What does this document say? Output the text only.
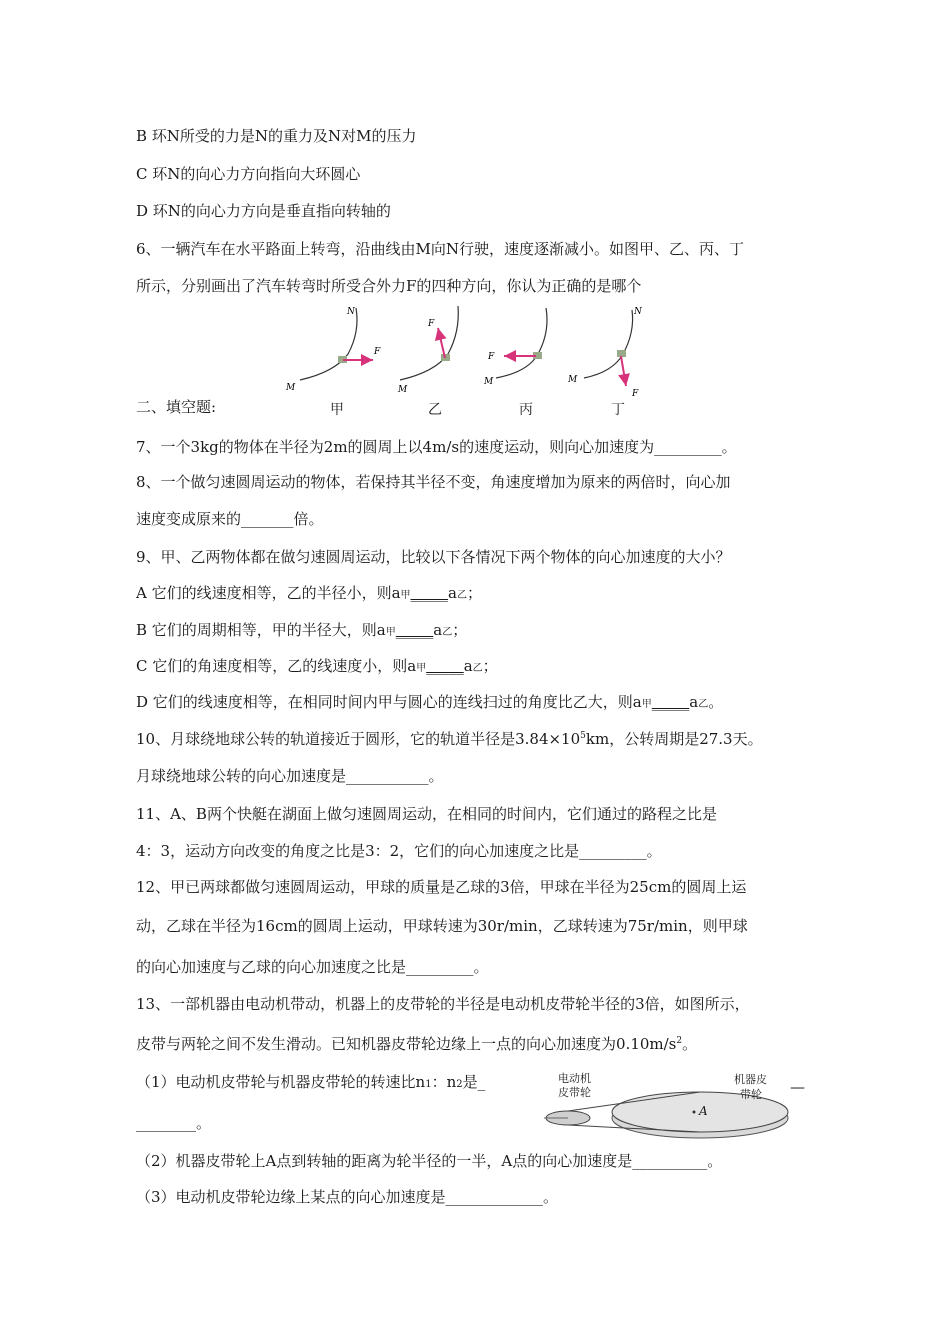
B 环N所受的力是N的重力及N对M的压力
C 环N的向心力方向指向大环圆心
D 环N的向心力方向是垂直指向转轴的
6、一辆汽车在水平路面上转弯，沿曲线由M向N行驶，速度逐渐减小。如图甲、乙、丙、丁
所示，分别画出了汽车转弯时所受合外力F的四种方向，你认为正确的是哪个
N
M
F
F
M
F
M
N
M
F
二、填空题:	甲	乙	丙	丁
7、一个3kg的物体在半径为2m的圆周上以4m/s的速度运动，则向心加速度为_________。
8、一个做匀速圆周运动的物体，若保持其半径不变，角速度增加为原来的两倍时，向心加
速度变成原来的_______倍。
9、甲、乙两物体都在做匀速圆周运动，比较以下各情况下两个物体的向心加速度的大小？
A 它们的线速度相等，乙的半径小，则a甲_____a乙；
B 它们的周期相等，甲的半径大，则a甲_____a乙；
C 它们的角速度相等，乙的线速度小，则a甲_____a乙；
D 它们的线速度相等，在相同时间内甲与圆心的连线扫过的角度比乙大，则a甲_____a乙。
10、月球绕地球公转的轨道接近于圆形，它的轨道半径是$3.84\times 10^5km$，公转周期是27.3天。
月球绕地球公转的向心加速度是___________。
11、A、B两个快艇在湖面上做匀速圆周运动，在相同的时间内，它们通过的路程之比是
4：3，运动方向改变的角度之比是3：2，它们的向心加速度之比是_________。
12、甲已两球都做匀速圆周运动，甲球的质量是乙球的3倍，甲球在半径为25cm的圆周上运
动，乙球在半径为16cm的圆周上运动，甲球转速为30r/min，乙球转速为75r/min，则甲球
的向心加速度与乙球的向心加速度之比是_________。
13、一部机器由电动机带动，机器上的皮带轮的半径是电动机皮带轮半径的3倍，如图所示，
皮带与两轮之间不发生滑动。已知机器皮带轮边缘上一点的向心加速度为$0.10m/s^2$。
（1）电动机皮带轮与机器皮带轮的转速比n1：n2是_	—
________。
电动机
皮带轮
机器皮
带轮
A
（2）机器皮带轮上A点到转轴的距离为轮半径的一半，A点的向心加速度是__________。
（3）电动机皮带轮边缘上某点的向心加速度是_____________。
